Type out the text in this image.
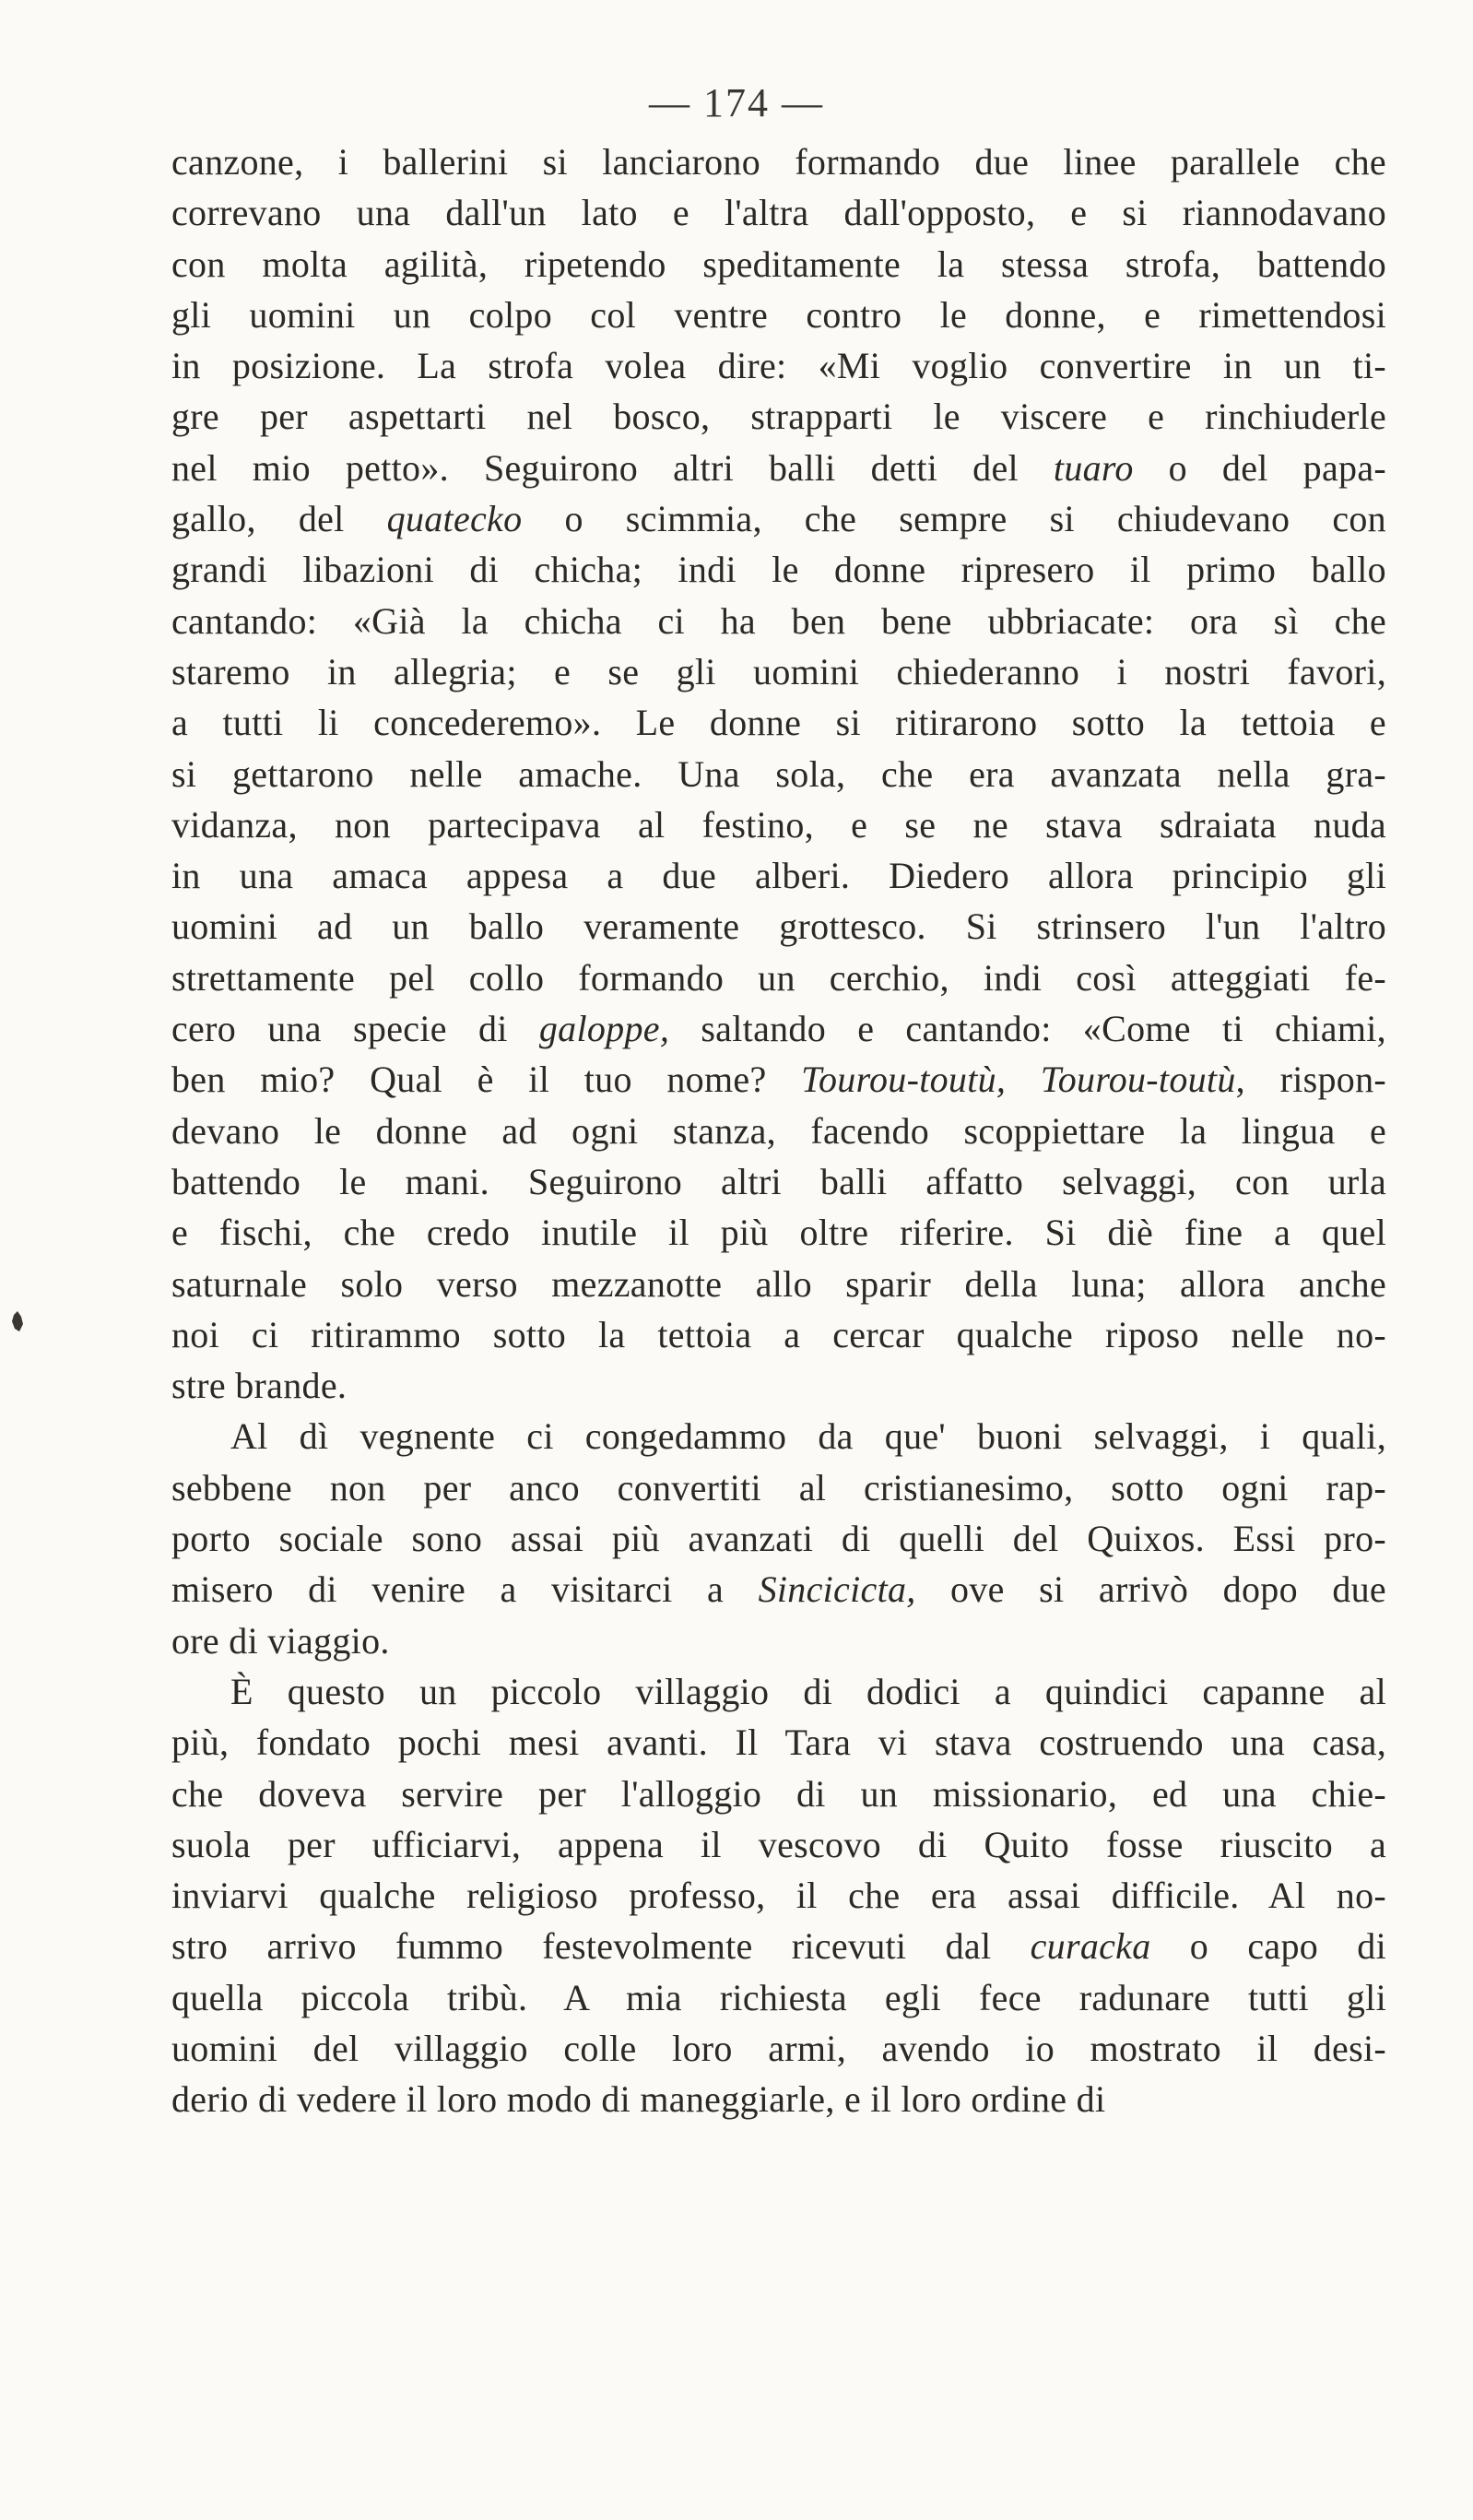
— 174 —
canzone, i ballerini si lanciarono formando due linee parallele che
correvano una dall'un lato e l'altra dall'opposto, e si riannodavano
con molta agilità, ripetendo speditamente la stessa strofa, battendo
gli uomini un colpo col ventre contro le donne, e rimettendosi
in posizione. La strofa volea dire: «Mi voglio convertire in un ti-
gre per aspettarti nel bosco, strapparti le viscere e rinchiuderle
nel mio petto». Seguirono altri balli detti del tuaro o del papa-
gallo, del quatecko o scimmia, che sempre si chiudevano con
grandi libazioni di chicha; indi le donne ripresero il primo ballo
cantando: «Già la chicha ci ha ben bene ubbriacate: ora sì che
staremo in allegria; e se gli uomini chiederanno i nostri favori,
a tutti li concederemo». Le donne si ritirarono sotto la tettoia e
si gettarono nelle amache. Una sola, che era avanzata nella gra-
vidanza, non partecipava al festino, e se ne stava sdraiata nuda
in una amaca appesa a due alberi. Diedero allora principio gli
uomini ad un ballo veramente grottesco. Si strinsero l'un l'altro
strettamente pel collo formando un cerchio, indi così atteggiati fe-
cero una specie di galoppe, saltando e cantando: «Come ti chiami,
ben mio? Qual è il tuo nome? Tourou-toutù, Tourou-toutù, rispon-
devano le donne ad ogni stanza, facendo scoppiettare la lingua e
battendo le mani. Seguirono altri balli affatto selvaggi, con urla
e fischi, che credo inutile il più oltre riferire. Si diè fine a quel
saturnale solo verso mezzanotte allo sparir della luna; allora anche
noi ci ritirammo sotto la tettoia a cercar qualche riposo nelle no-
stre brande.
Al dì vegnente ci congedammo da que' buoni selvaggi, i quali,
sebbene non per anco convertiti al cristianesimo, sotto ogni rap-
porto sociale sono assai più avanzati di quelli del Quixos. Essi pro-
misero di venire a visitarci a Sincicicta, ove si arrivò dopo due
ore di viaggio.
È questo un piccolo villaggio di dodici a quindici capanne al
più, fondato pochi mesi avanti. Il Tara vi stava costruendo una casa,
che doveva servire per l'alloggio di un missionario, ed una chie-
suola per ufficiarvi, appena il vescovo di Quito fosse riuscito a
inviarvi qualche religioso professo, il che era assai difficile. Al no-
stro arrivo fummo festevolmente ricevuti dal curacka o capo di
quella piccola tribù. A mia richiesta egli fece radunare tutti gli
uomini del villaggio colle loro armi, avendo io mostrato il desi-
derio di vedere il loro modo di maneggiarle, e il loro ordine di
